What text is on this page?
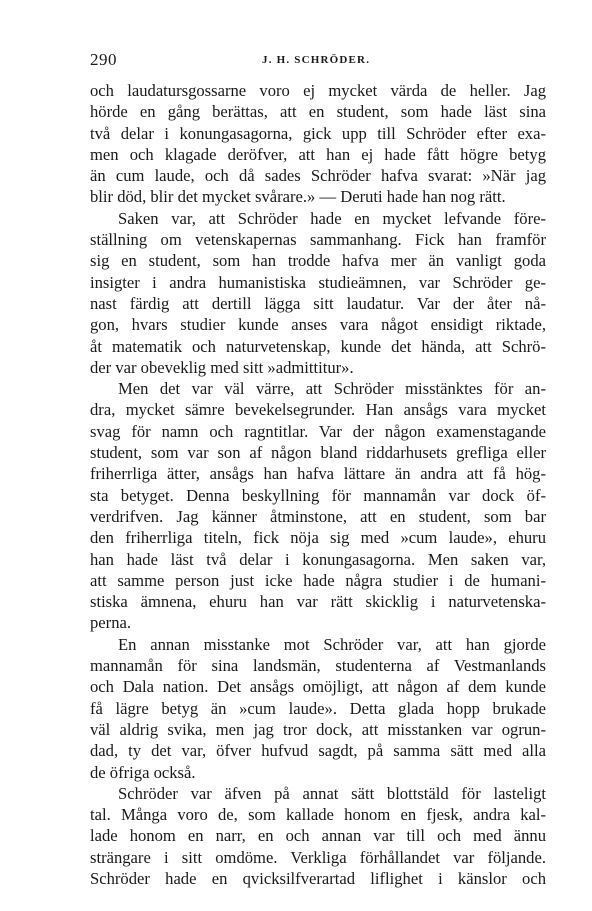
290	J. H. SCHRÖDER.
och laudatursgossarne voro ej mycket värda de heller. Jag
hörde en gång berättas, att en student, som hade läst sina
två delar i konungasagorna, gick upp till Schröder efter exa-
men och klagade deröfver, att han ej hade fått högre betyg
än cum laude, och då sades Schröder hafva svarat: »När jag
blir död, blir det mycket svårare.» — Deruti hade han nog rätt.
Saken var, att Schröder hade en mycket lefvande före-
ställning om vetenskapernas sammanhang. Fick han framför
sig en student, som han trodde hafva mer än vanligt goda
insigter i andra humanistiska studieämnen, var Schröder ge-
nast färdig att dertill lägga sitt laudatur. Var der åter nå-
gon, hvars studier kunde anses vara något ensidigt riktade,
åt matematik och naturvetenskap, kunde det hända, att Schrö-
der var obeveklig med sitt »admittitur».
Men det var väl värre, att Schröder misstänktes för an-
dra, mycket sämre bevekelsegrunder. Han ansågs vara mycket
svag för namn och ragntitlar. Var der någon examenstagande
student, som var son af någon bland riddarhusets grefliga eller
friherrliga ätter, ansågs han hafva lättare än andra att få hög-
sta betyget. Denna beskyllning för mannamån var dock öf-
verdrifven. Jag känner åtminstone, att en student, som bar
den friherrliga titeln, fick nöja sig med »cum laude», ehuru
han hade läst två delar i konungasagorna. Men saken var,
att samme person just icke hade några studier i de humani-
stiska ämnena, ehuru han var rätt skicklig i naturvetenska-
perna.
En annan misstanke mot Schröder var, att han gjorde
mannamån för sina landsmän, studenterna af Vestmanlands
och Dala nation. Det ansågs omöjligt, att någon af dem kunde
få lägre betyg än »cum laude». Detta glada hopp brukade
väl aldrig svika, men jag tror dock, att misstanken var ogrun-
dad, ty det var, öfver hufvud sagdt, på samma sätt med alla
de öfriga också.
Schröder var äfven på annat sätt blottstäld för lasteligt
tal. Många voro de, som kallade honom en fjesk, andra kal-
lade honom en narr, en och annan var till och med ännu
strängare i sitt omdöme. Verkliga förhållandet var följande.
Schröder hade en qvicksilfverartad liflighet i känslor och
